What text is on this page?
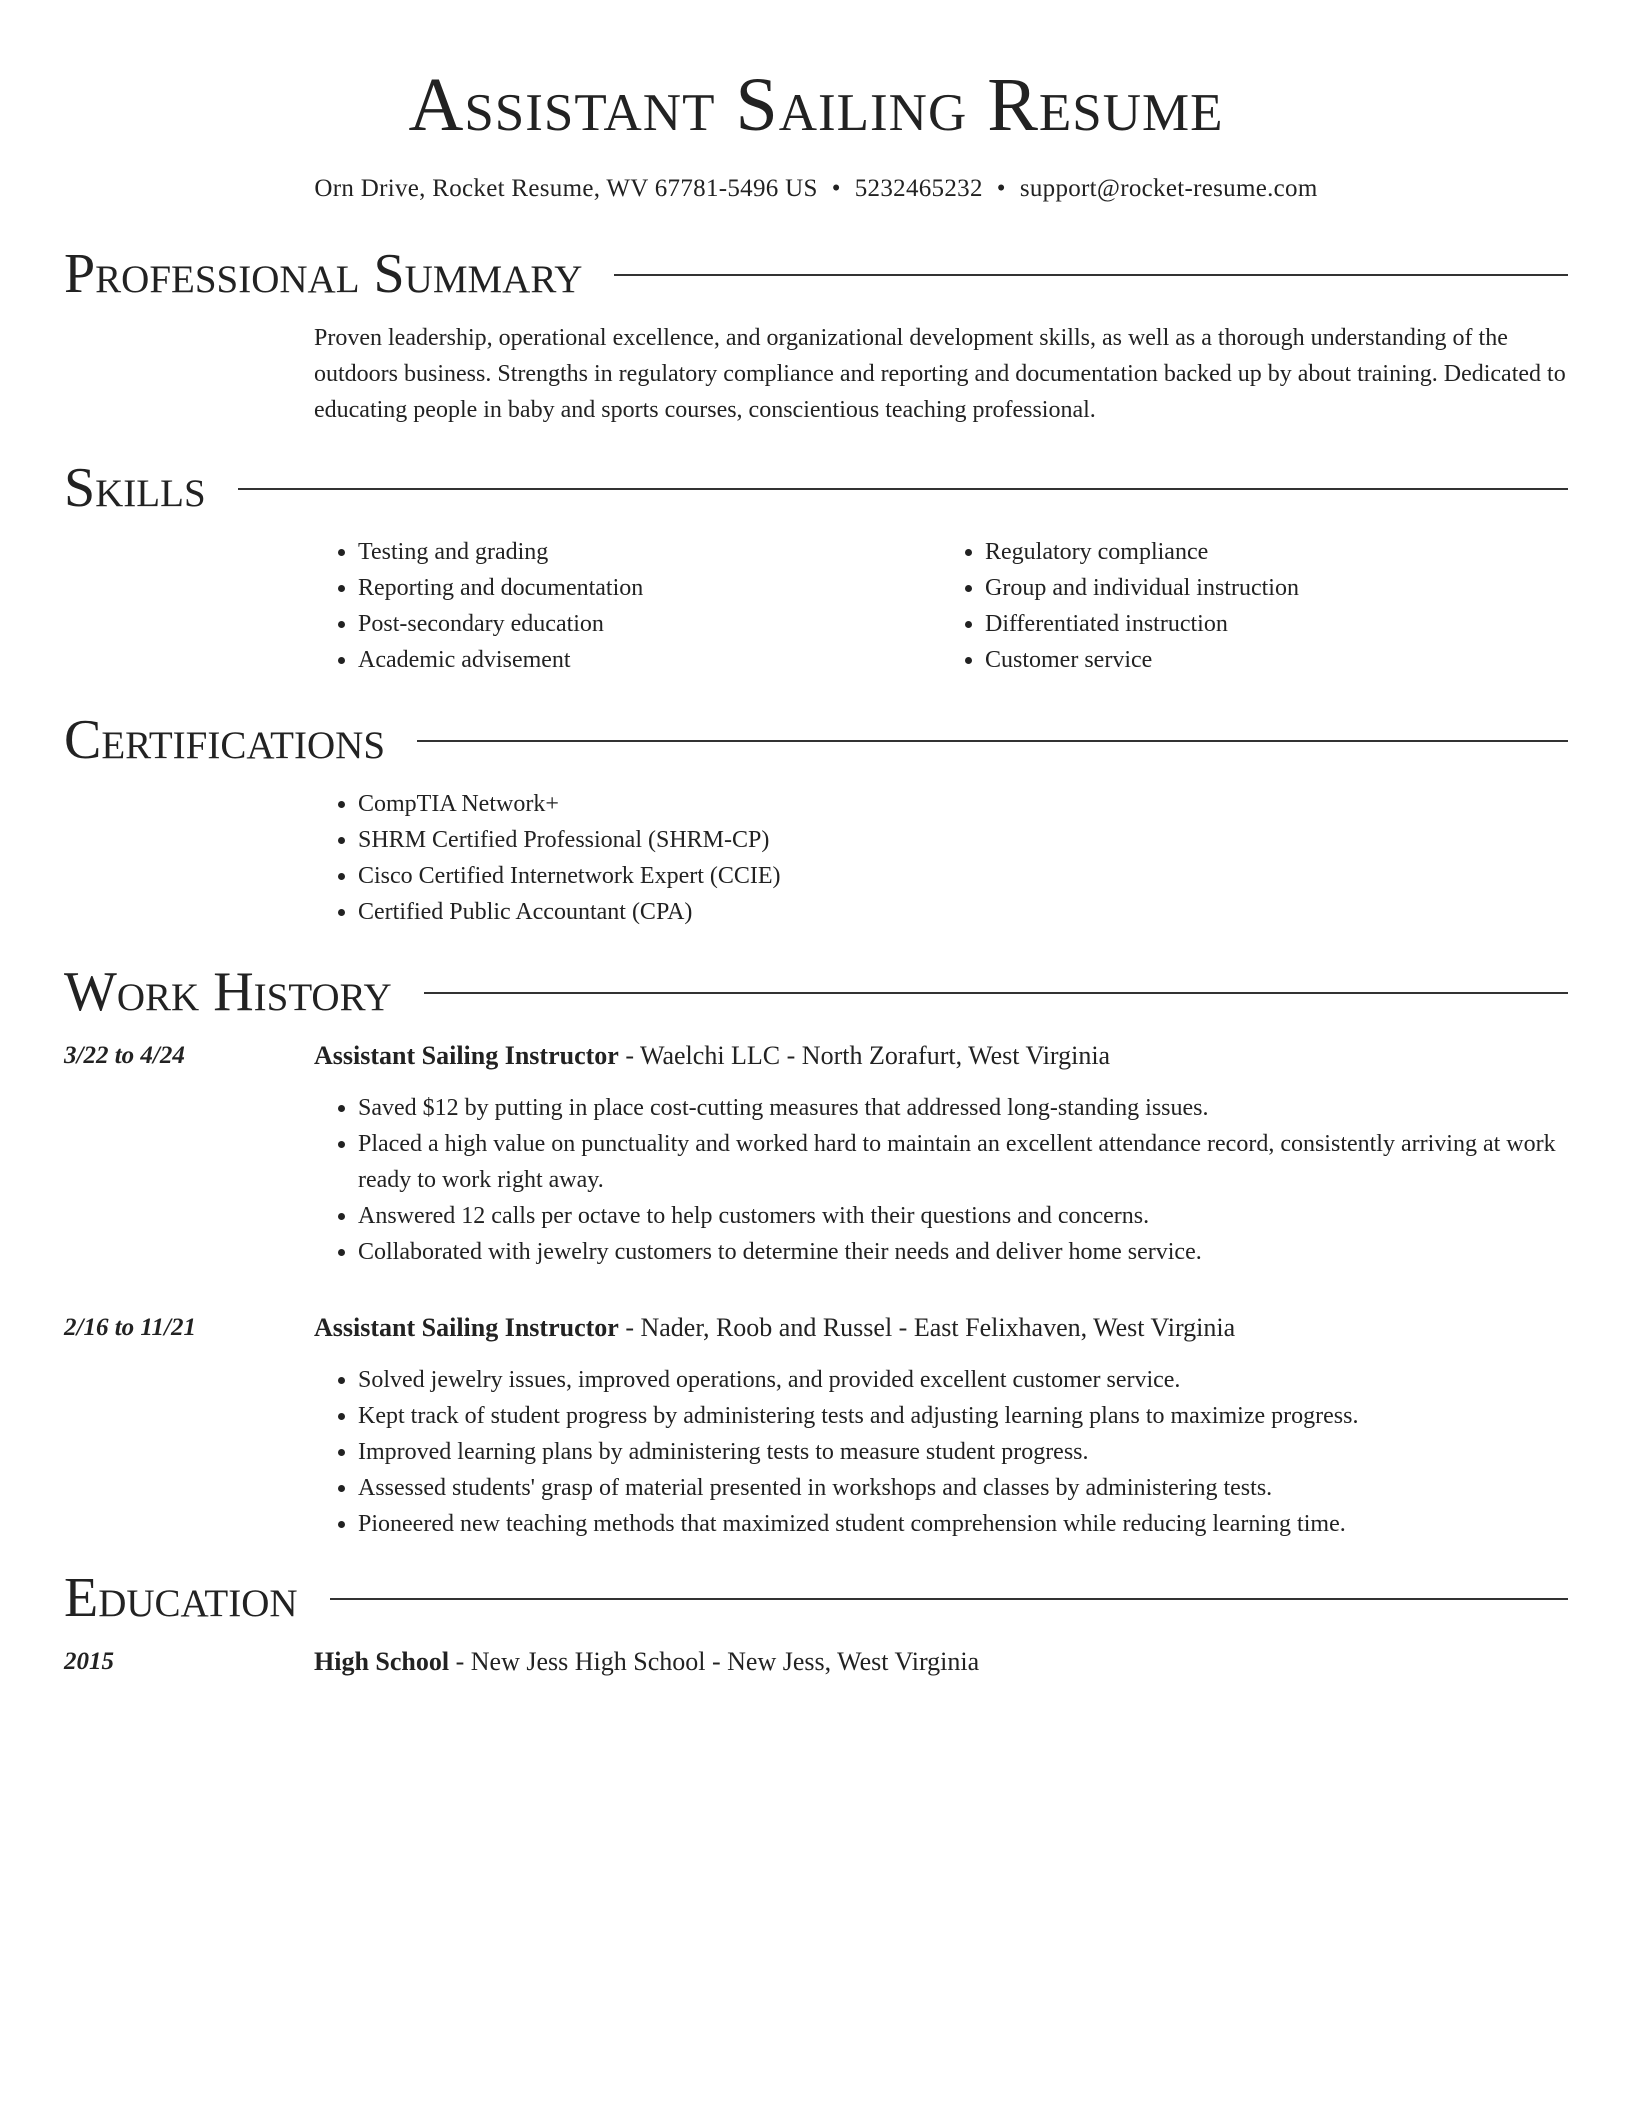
Assistant Sailing Resume
Orn Drive, Rocket Resume, WV 67781-5496 US • 5232465232 • support@rocket-resume.com
Professional Summary
Proven leadership, operational excellence, and organizational development skills, as well as a thorough understanding of the outdoors business. Strengths in regulatory compliance and reporting and documentation backed up by about training. Dedicated to educating people in baby and sports courses, conscientious teaching professional.
Skills
• Testing and grading
• Reporting and documentation
• Post-secondary education
• Academic advisement
• Regulatory compliance
• Group and individual instruction
• Differentiated instruction
• Customer service
Certifications
• CompTIA Network+
• SHRM Certified Professional (SHRM-CP)
• Cisco Certified Internetwork Expert (CCIE)
• Certified Public Accountant (CPA)
Work History
3/22 to 4/24	Assistant Sailing Instructor - Waelchi LLC - North Zorafurt, West Virginia
• Saved $12 by putting in place cost-cutting measures that addressed long-standing issues.
• Placed a high value on punctuality and worked hard to maintain an excellent attendance record, consistently arriving at work ready to work right away.
• Answered 12 calls per octave to help customers with their questions and concerns.
• Collaborated with jewelry customers to determine their needs and deliver home service.
2/16 to 11/21	Assistant Sailing Instructor - Nader, Roob and Russel - East Felixhaven, West Virginia
• Solved jewelry issues, improved operations, and provided excellent customer service.
• Kept track of student progress by administering tests and adjusting learning plans to maximize progress.
• Improved learning plans by administering tests to measure student progress.
• Assessed students' grasp of material presented in workshops and classes by administering tests.
• Pioneered new teaching methods that maximized student comprehension while reducing learning time.
Education
2015	High School - New Jess High School - New Jess, West Virginia
